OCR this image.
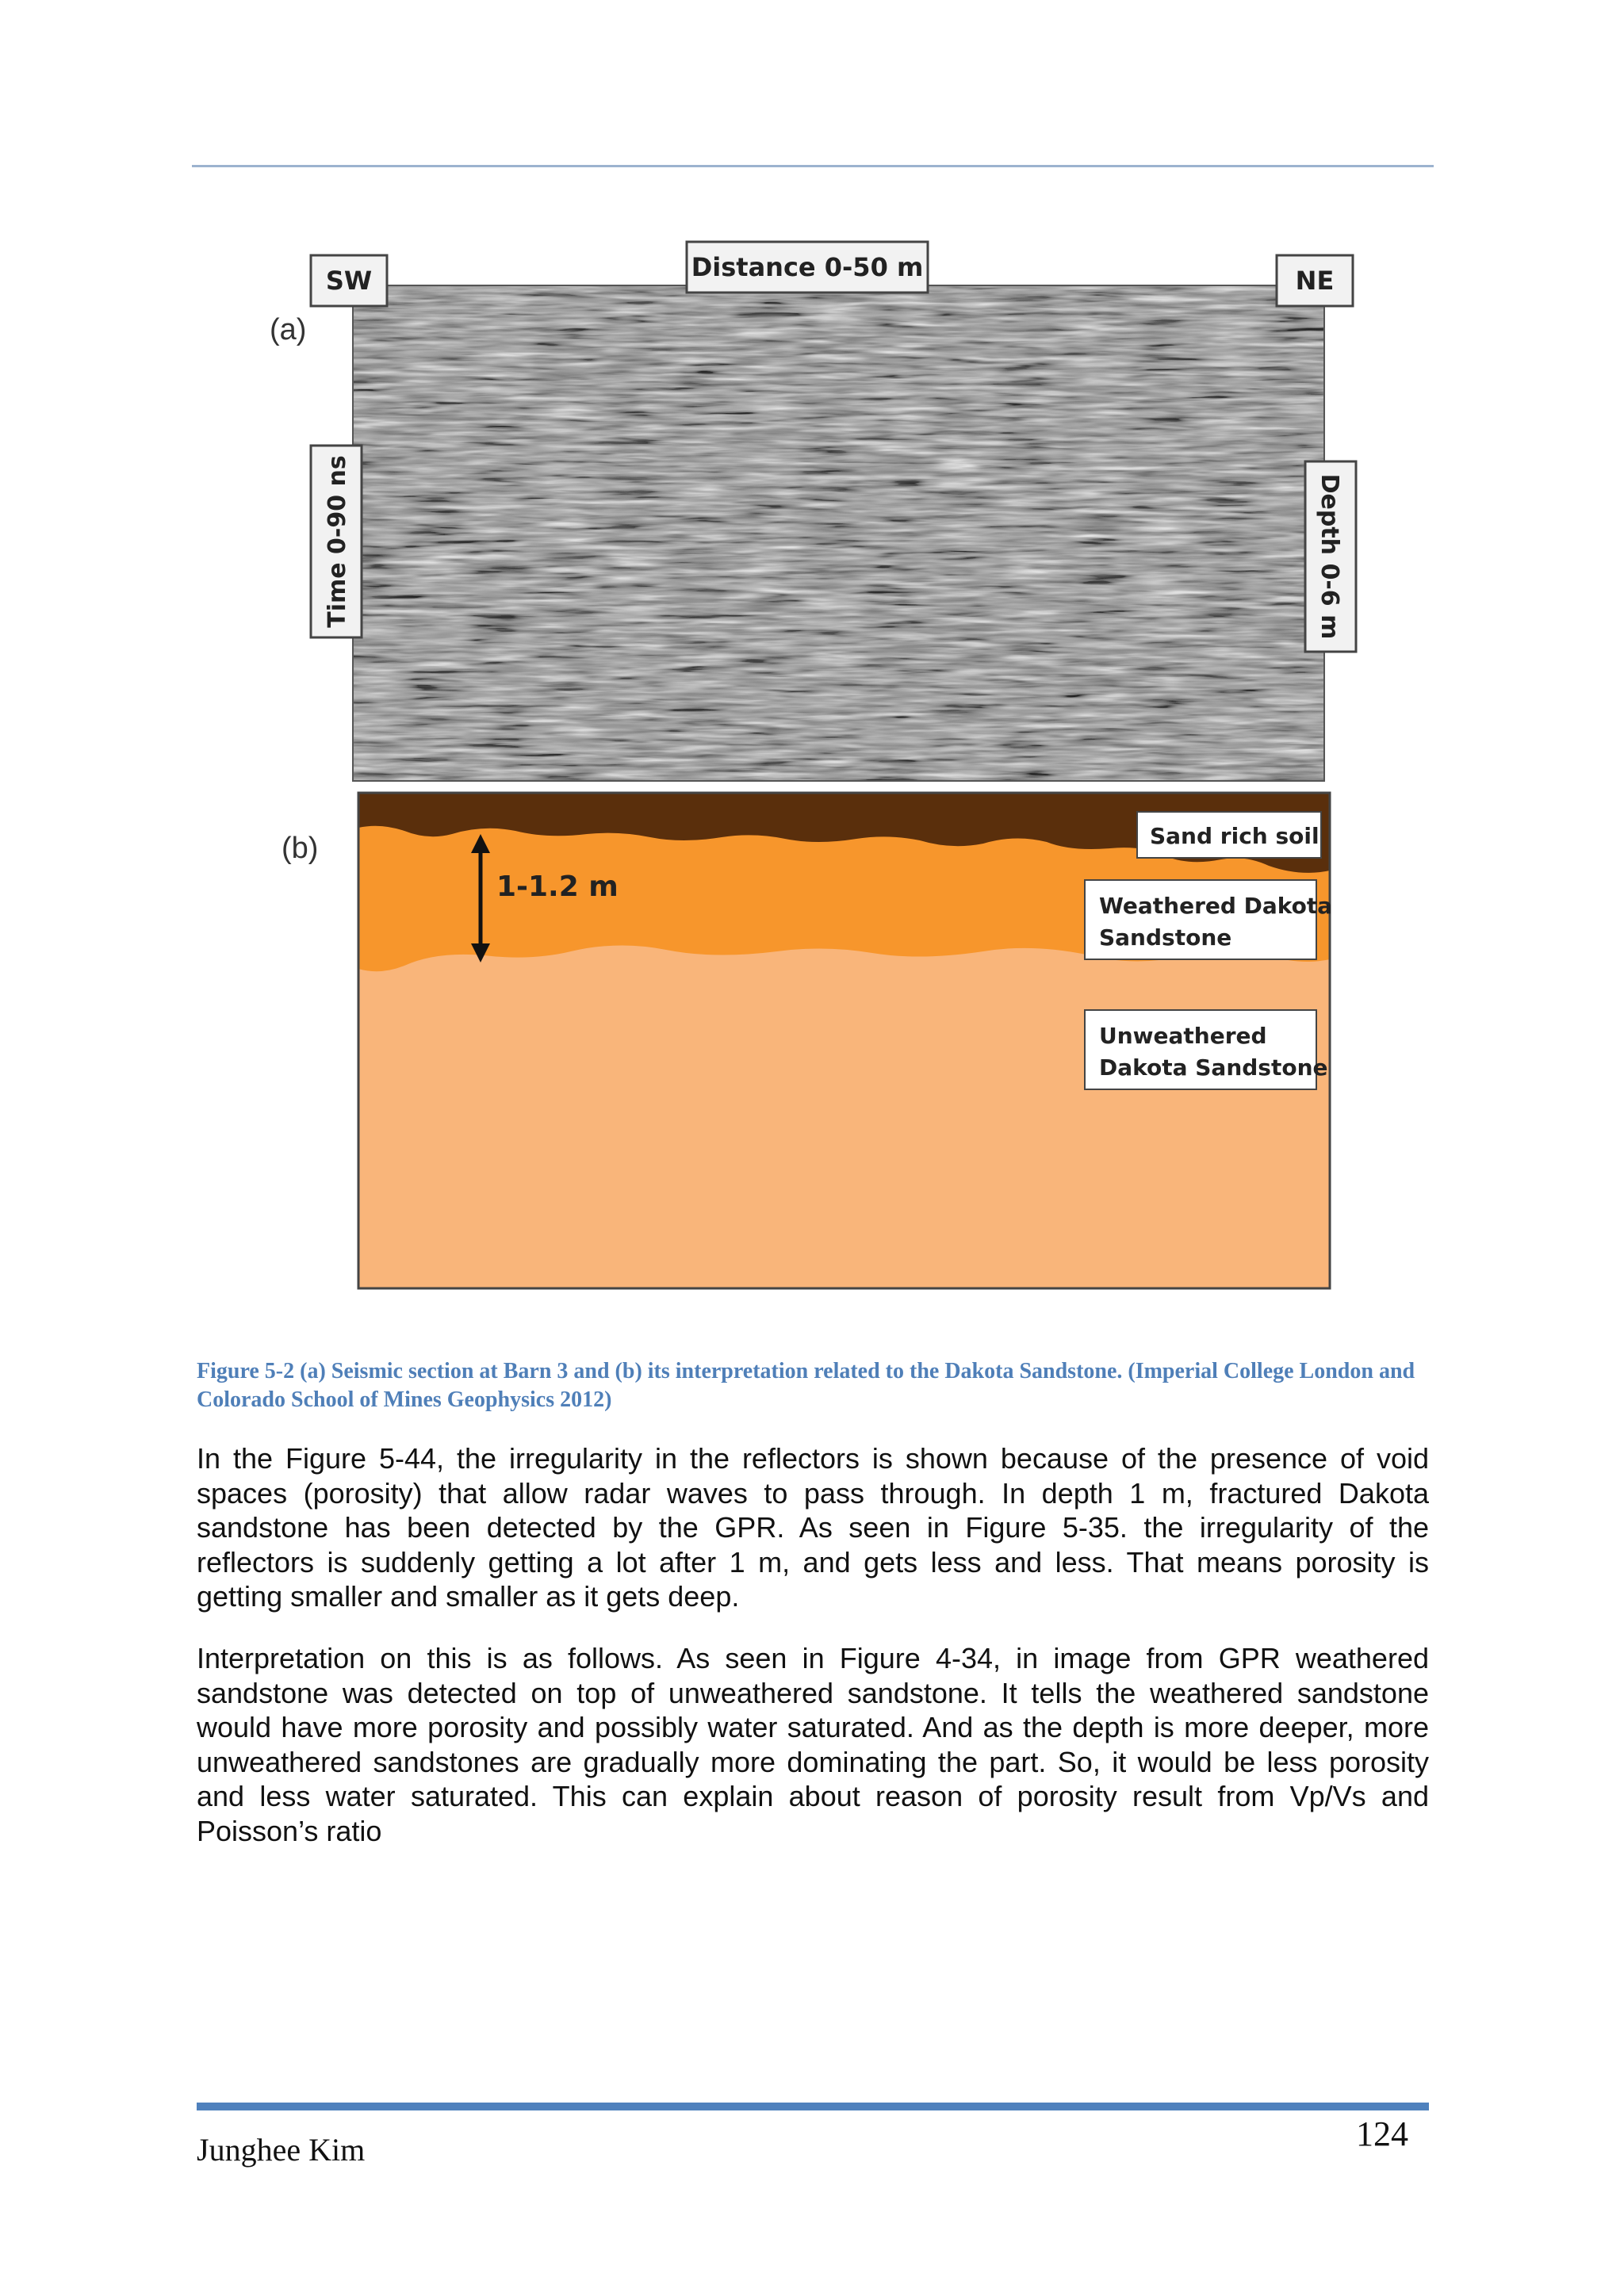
(a)
SW	Distance 0-50 m	NE
Time 0-90 ns	Depth 0-6 m
(b)
1-1.2 m
Sand rich soil
Weathered Dakota
Sandstone
Unweathered
Dakota Sandstone
Figure 5-2 (a) Seismic section at Barn 3 and (b) its interpretation related to the Dakota Sandstone. (Imperial College London and Colorado School of Mines Geophysics 2012)

In the Figure 5-44, the irregularity in the reflectors is shown because of the presence of void spaces (porosity) that allow radar waves to pass through. In depth 1 m, fractured Dakota sandstone has been detected by the GPR. As seen in Figure 5-35. the irregularity of the reflectors is suddenly getting a lot after 1 m, and gets less and less. That means porosity is getting smaller and smaller as it gets deep.

Interpretation on this is as follows. As seen in Figure 4-34, in image from GPR weathered sandstone was detected on top of unweathered sandstone. It tells the weathered sandstone would have more porosity and possibly water saturated. And as the depth is more deeper, more unweathered sandstones are gradually more dominating the part. So, it would be less porosity and less water saturated. This can explain about reason of porosity result from Vp/Vs and Poisson’s ratio

Junghee Kim	124
